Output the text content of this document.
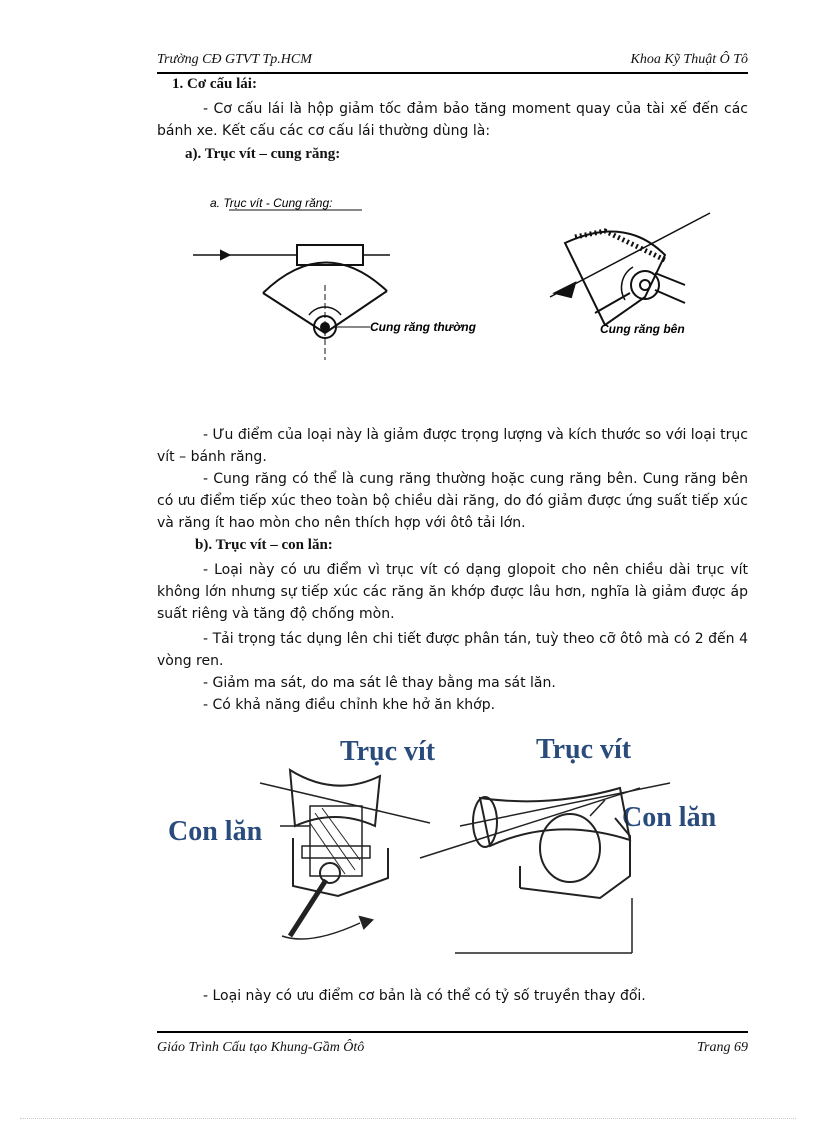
Trường CĐ GTVT Tp.HCM	Khoa Kỹ Thuật Ô Tô
1. Cơ cấu lái:
- Cơ cấu lái là hộp giảm tốc đảm bảo tăng moment quay của tài xế đến các bánh xe. Kết cấu các cơ cấu lái thường dùng là:
a). Trục vít – cung răng:
a. Trục vít - Cung răng:
Cung răng thường	Cung răng bên
- Ưu điểm của loại này là giảm được trọng lượng và kích thước so với loại trục vít – bánh răng.
- Cung răng có thể là cung răng thường hoặc cung răng bên. Cung răng bên có ưu điểm tiếp xúc theo toàn bộ chiều dài răng, do đó giảm được ứng suất tiếp xúc và răng ít hao mòn cho nên thích hợp với ôtô tải lớn.
b). Trục vít – con lăn:
- Loại này có ưu điểm vì trục vít có dạng glopoit cho nên chiều dài trục vít không lớn nhưng sự tiếp xúc các răng ăn khớp được lâu hơn, nghĩa là giảm được áp suất riêng và tăng độ chống mòn.
- Tải trọng tác dụng lên chi tiết được phân tán, tuỳ theo cỡ ôtô mà có 2 đến 4 vòng ren.
- Giảm ma sát, do ma sát lê thay bằng ma sát lăn.
- Có khả năng điều chỉnh khe hở ăn khớp.
Trục vít	Trục vít
Con lăn	Con lăn
- Loại này có ưu điểm cơ bản là có thể có tỷ số truyền thay đổi.
Giáo Trình Cấu tạo Khung-Gầm Ôtô	Trang 69
